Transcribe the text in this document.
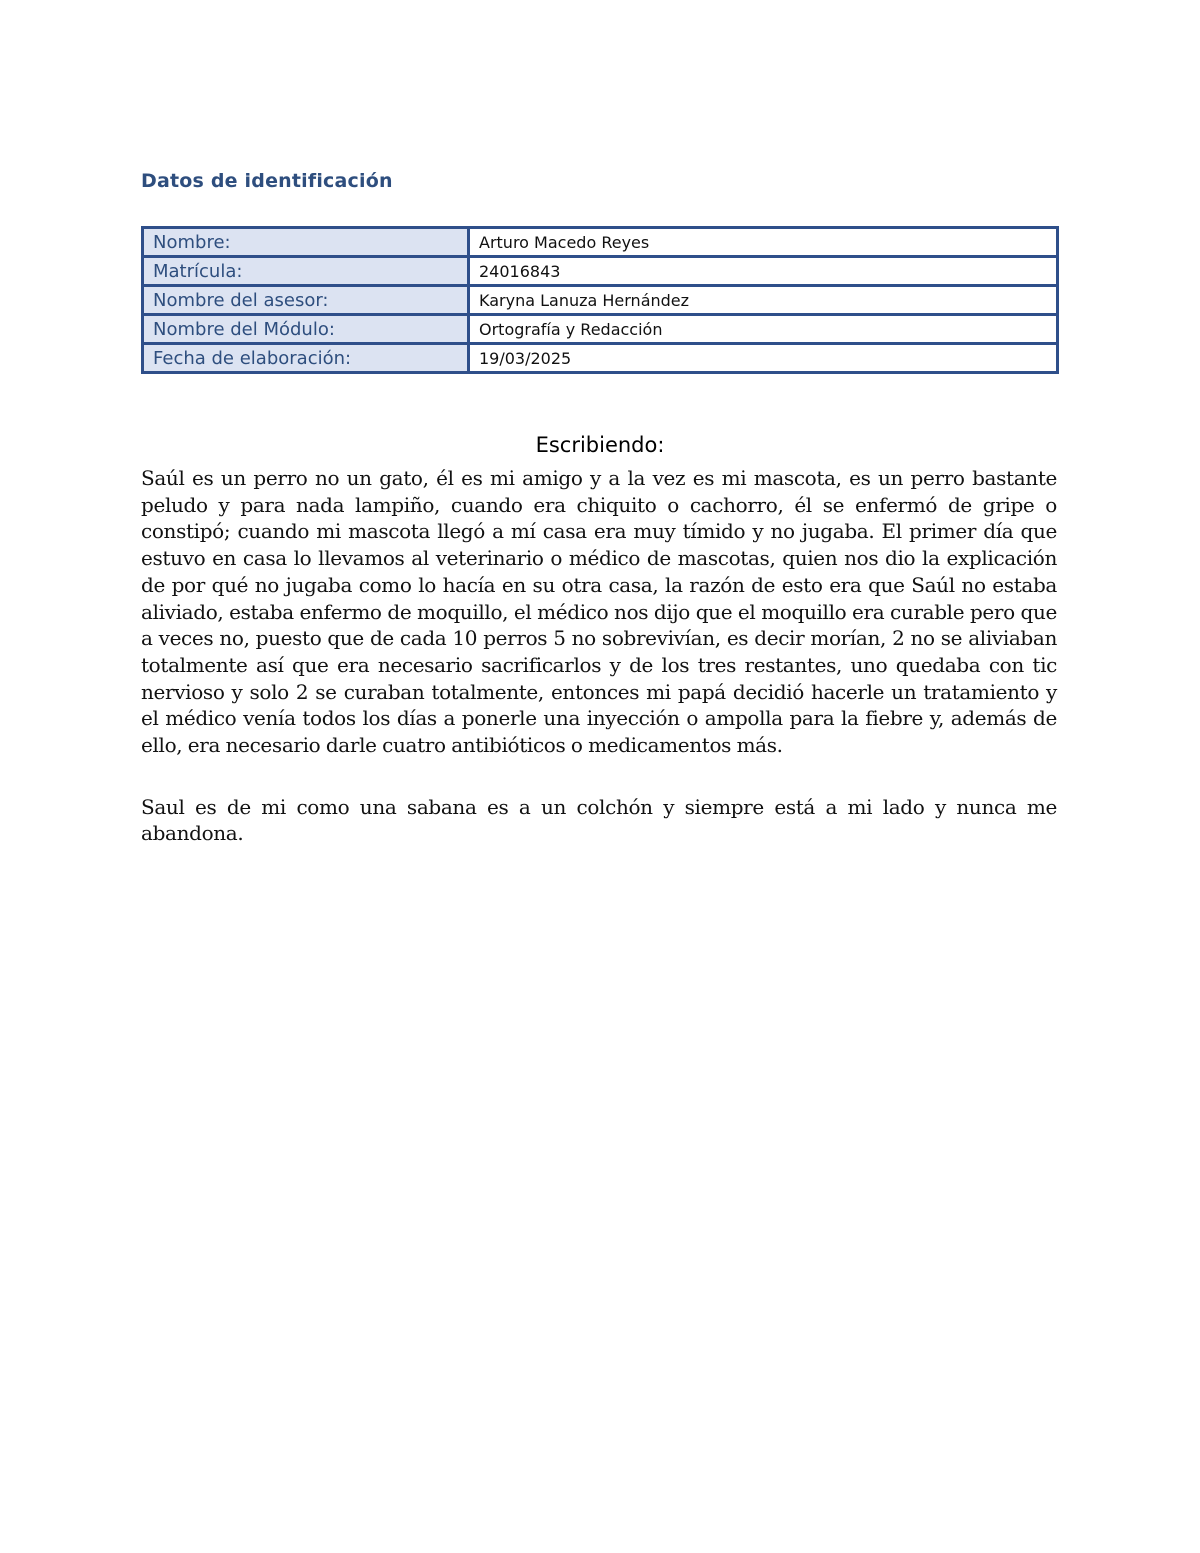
Datos de identificación
Nombre:	Arturo Macedo Reyes
Matrícula:	24016843
Nombre del asesor:	Karyna Lanuza Hernández
Nombre del Módulo:	Ortografía y Redacción
Fecha de elaboración:	19/03/2025
Escribiendo:

Saúl es un perro no un gato, él es mi amigo y a la vez es mi mascota, es un perro bastante peludo y para nada lampiño, cuando era chiquito o cachorro, él se enfermó de gripe o constipó; cuando mi mascota llegó a mí casa era muy tímido y no jugaba. El primer día que estuvo en casa lo llevamos al veterinario o médico de mascotas, quien nos dio la explicación de por qué no jugaba como lo hacía en su otra casa, la razón de esto era que Saúl no estaba aliviado, estaba enfermo de moquillo, el médico nos dijo que el moquillo era curable pero que a veces no, puesto que de cada 10 perros 5 no sobrevivían, es decir morían, 2 no se aliviaban totalmente así que era necesario sacrificarlos y de los tres restantes, uno quedaba con tic nervioso y solo 2 se curaban totalmente, entonces mi papá decidió hacerle un tratamiento y el médico venía todos los días a ponerle una inyección o ampolla para la fiebre y, además de ello, era necesario darle cuatro antibióticos o medicamentos más.

Saul es de mi como una sabana es a un colchón y siempre está a mi lado y nunca me abandona.
